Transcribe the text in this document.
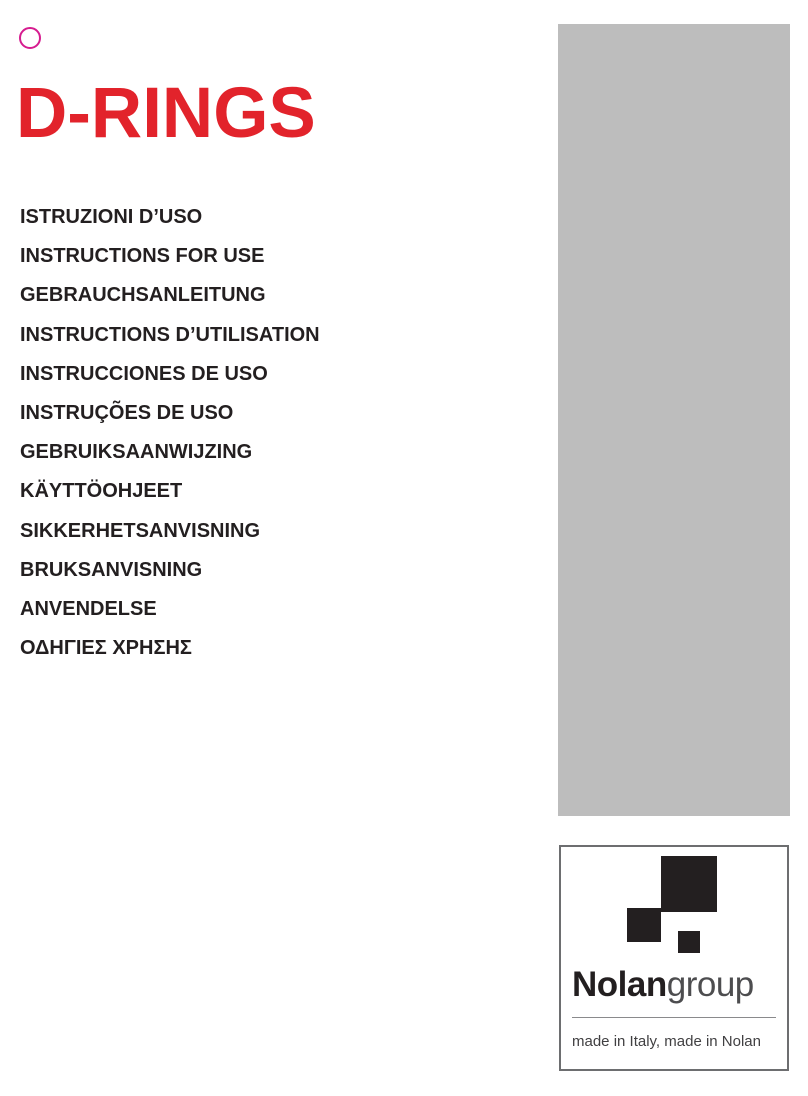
D-RINGS
ISTRUZIONI D’USO
INSTRUCTIONS FOR USE
GEBRAUCHSANLEITUNG
INSTRUCTIONS D’UTILISATION
INSTRUCCIONES DE USO
INSTRUÇÕES DE USO
GEBRUIKSAANWIJZING
KÄYTTÖOHJEET
SIKKERHETSANVISNING
BRUKSANVISNING
ANVENDELSE
ΟΔΗΓΙΕΣ ΧΡΗΣΗΣ
Nolangroup
made in Italy, made in Nolan
